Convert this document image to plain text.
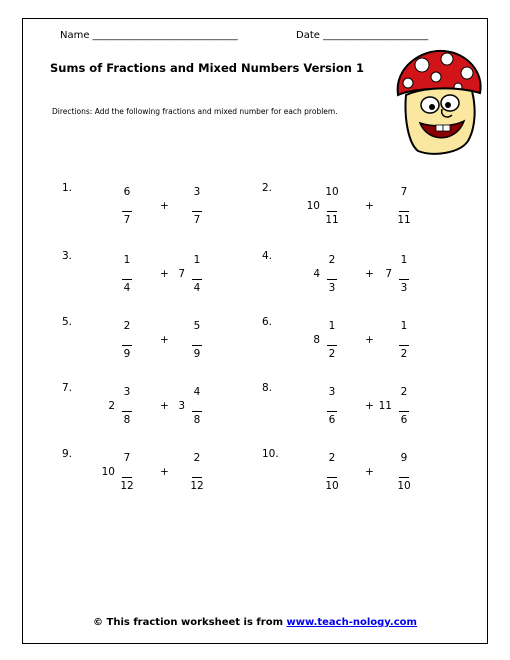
Name _____________________________	Date _____________________
Sums of Fractions and Mixed Numbers Version 1
Directions: Add the following fractions and mixed number for each problem.
1.	6
7
+
3
7
2.	10
11
10	+
7
11
3.	1
4
+
1
4
7
4.	2
3
4	+
1
3
7
5.	2
9
+
5
9
6.	1
2
8	+
1
2
7.	3
8
2	+
4
8
3
8.	3
6
+
2
6
11
9.	7
12
10	+
2
12
10.	2
10
+
9
10
© This fraction worksheet is from www.teach-nology.com
